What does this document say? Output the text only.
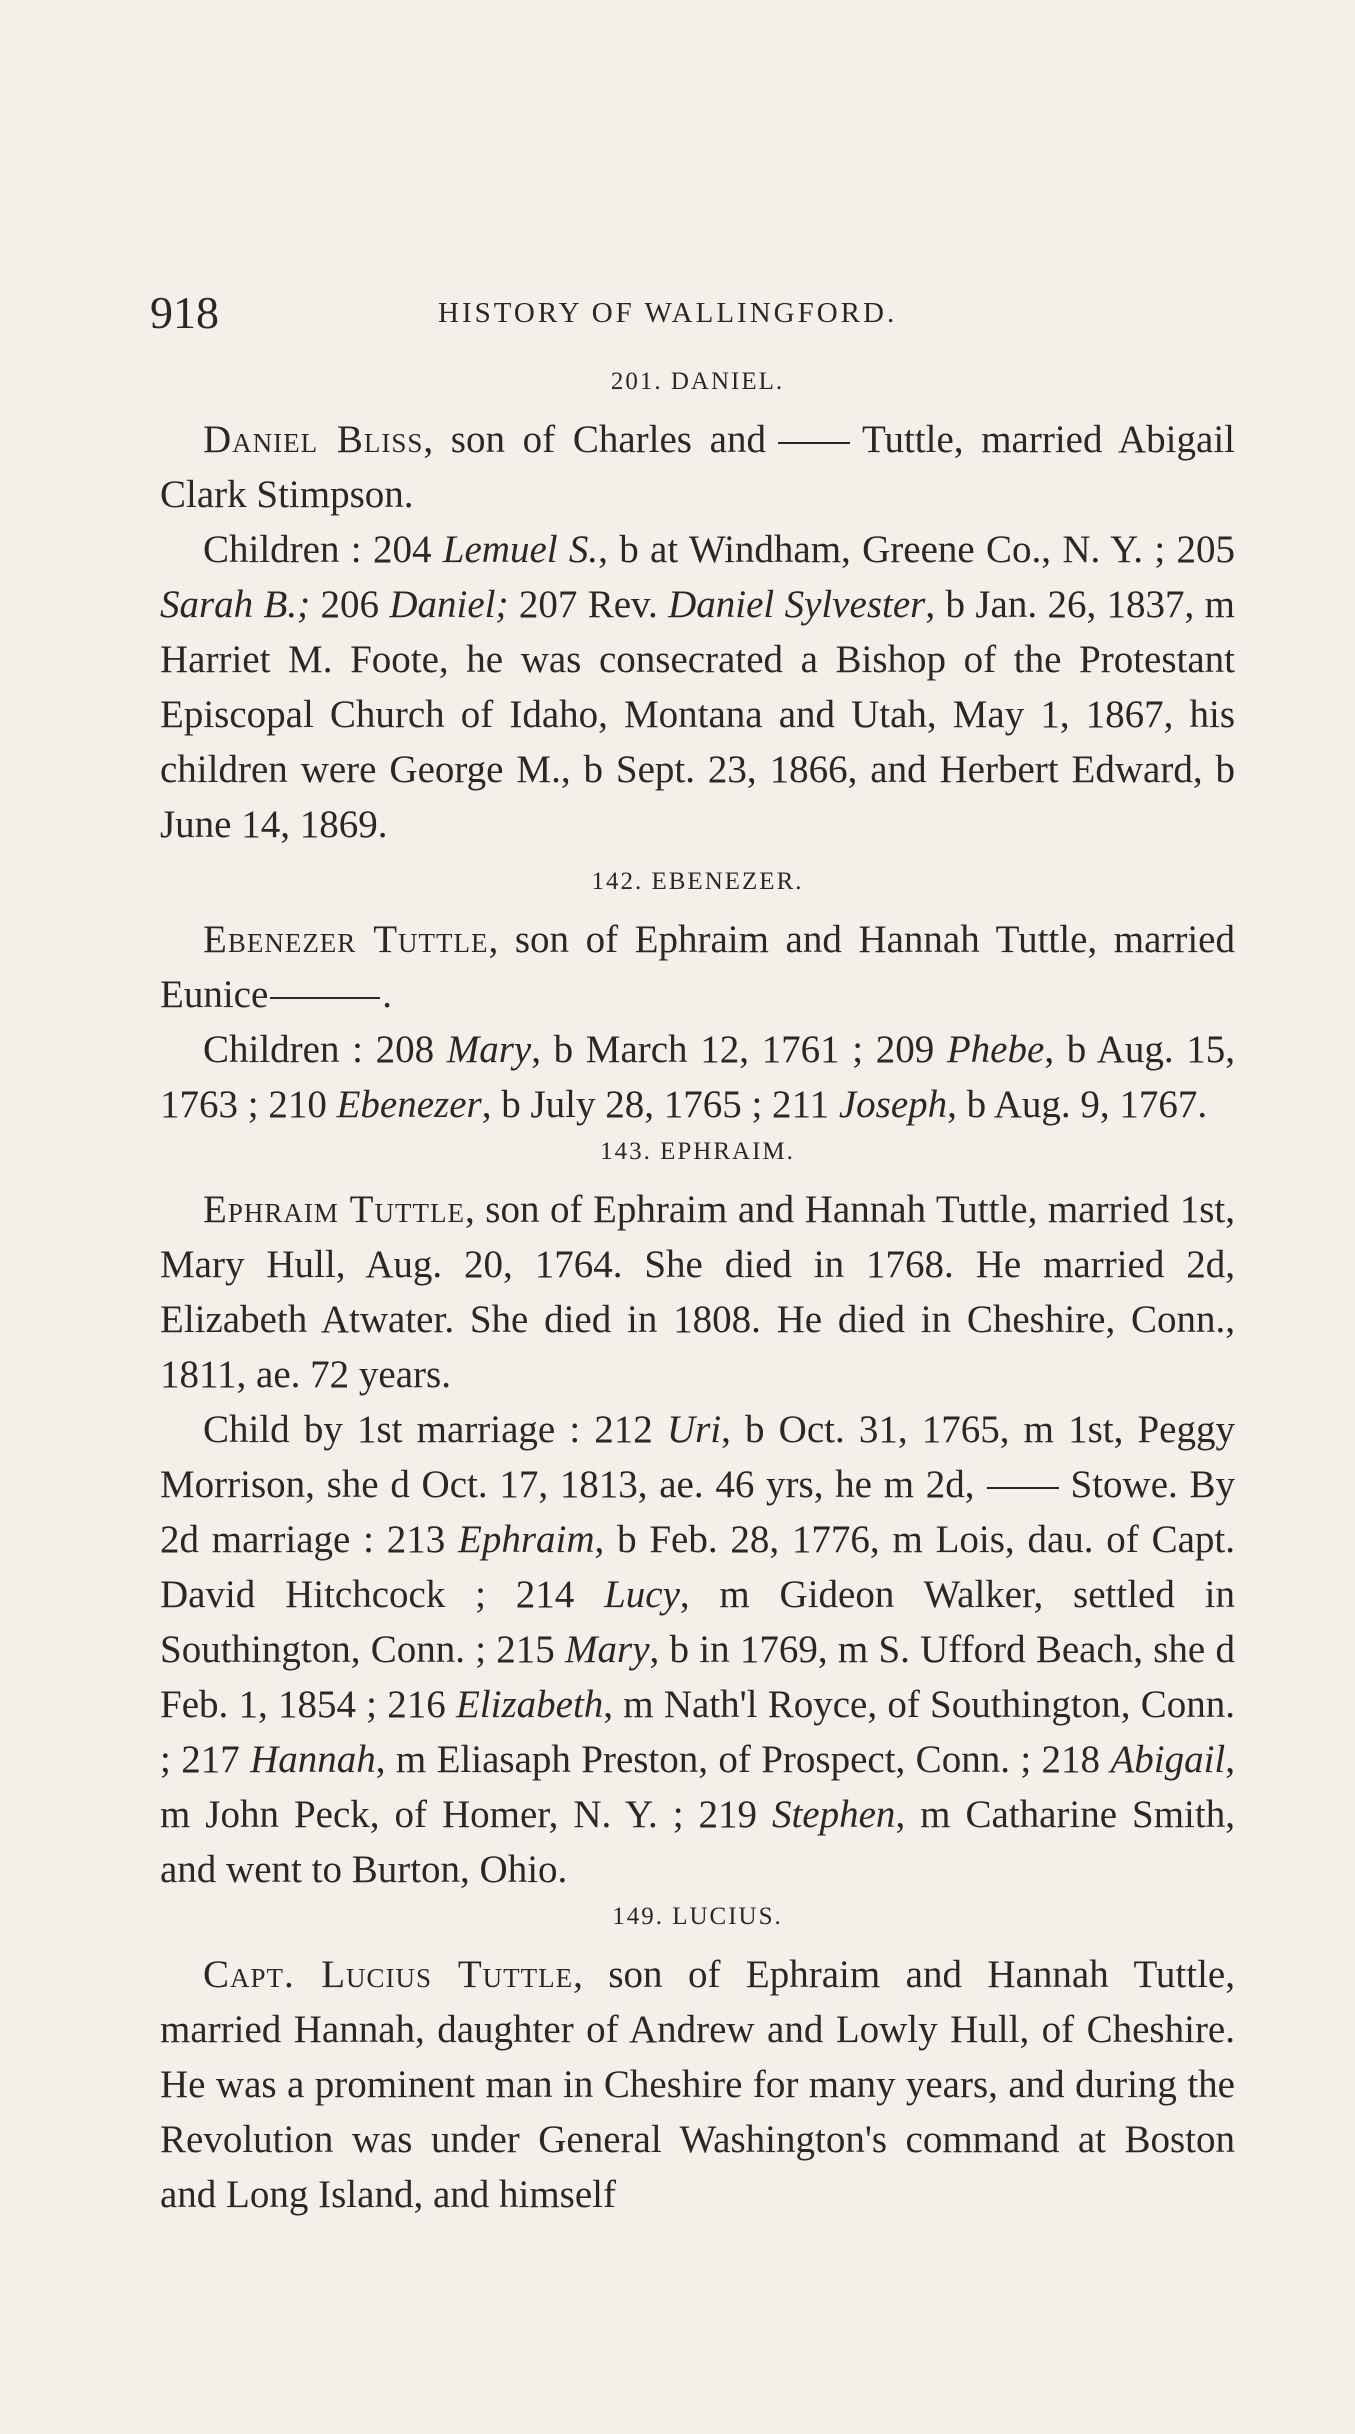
918	HISTORY OF WALLINGFORD.
201. DANIEL.

Daniel Bliss, son of Charles and Tuttle, married Abigail Clark Stimpson.

Children : 204 Lemuel S., b at Windham, Greene Co., N. Y. ; 205 Sarah B.; 206 Daniel; 207 Rev. Daniel Sylvester, b Jan. 26, 1837, m Harriet M. Foote, he was consecrated a Bishop of the Protestant Episcopal Church of Idaho, Montana and Utah, May 1, 1867, his children were George M., b Sept. 23, 1866, and Herbert Edward, b June 14, 1869.

142. EBENEZER.

Ebenezer Tuttle, son of Ephraim and Hannah Tuttle, married Eunice	.

Children : 208 Mary, b March 12, 1761 ; 209 Phebe, b Aug. 15, 1763 ; 210 Ebenezer, b July 28, 1765 ; 211 Joseph, b Aug. 9, 1767.

143. EPHRAIM.

Ephraim Tuttle, son of Ephraim and Hannah Tuttle, married 1st, Mary Hull, Aug. 20, 1764. She died in 1768. He married 2d, Elizabeth Atwater. She died in 1808. He died in Cheshire, Conn., 1811, ae. 72 years.

Child by 1st marriage : 212 Uri, b Oct. 31, 1765, m 1st, Peggy Morrison, she d Oct. 17, 1813, ae. 46 yrs, he m 2d, Stowe. By 2d marriage : 213 Ephraim, b Feb. 28, 1776, m Lois, dau. of Capt. David Hitchcock ; 214 Lucy, m Gideon Walker, settled in Southington, Conn. ; 215 Mary, b in 1769, m S. Ufford Beach, she d Feb. 1, 1854 ; 216 Elizabeth, m Nath'l Royce, of Southington, Conn. ; 217 Hannah, m Eliasaph Preston, of Prospect, Conn. ; 218 Abigail, m John Peck, of Homer, N. Y. ; 219 Stephen, m Catharine Smith, and went to Burton, Ohio.

149. LUCIUS.

Capt. Lucius Tuttle, son of Ephraim and Hannah Tuttle, married Hannah, daughter of Andrew and Lowly Hull, of Cheshire. He was a prominent man in Cheshire for many years, and during the Revolution was under General Washington's command at Boston and Long Island, and himself
